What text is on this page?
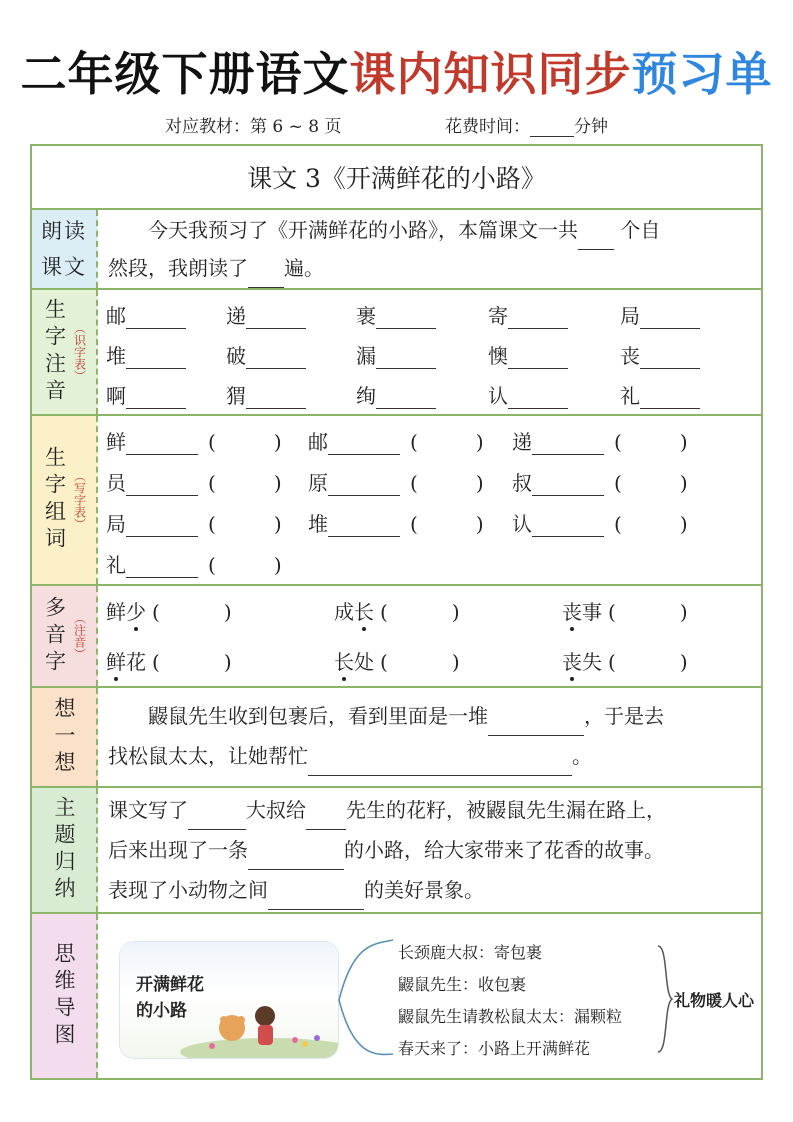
二年级下册语文课内知识同步预习单
对应教材：第 6 ~ 8 页	花费时间：	分钟
课文 3《开满鲜花的小路》
朗读课文
今天我预习了《开满鲜花的小路》，本篇课文一共 个自
然段，我朗读了 遍。
生字注音 （识字表）
邮	递	裹	寄	局
堆	破	漏	懊	丧
啊	猬	绚	认	礼
生字组词 （写字表）
鲜	(	) 邮	(	) 递	(	)
员	(	) 原	(	) 叔	(	)
局	(	) 堆	(	) 认	(	)
礼	(	)
多音字 （注音） 鲜少 (	)	成长 (	)	丧事 (	)
鲜花 (	)	长处 (	)	丧失 (	)
想一想	鼹鼠先生收到包裹后，看到里面是一堆	，于是去
找松鼠太太，让她帮忙	。
主题归纳 课文写了	大叔给 先生的花籽，被鼹鼠先生漏在路上，
后来出现了一条	的小路，给大家带来了花香的故事。
表现了小动物之间	的美好景象。
思维导图	开满鲜花
的小路
长颈鹿大叔：寄包裹
鼹鼠先生：收包裹
鼹鼠先生请教松鼠太太：漏颗粒
春天来了：小路上开满鲜花
礼物暖人心
